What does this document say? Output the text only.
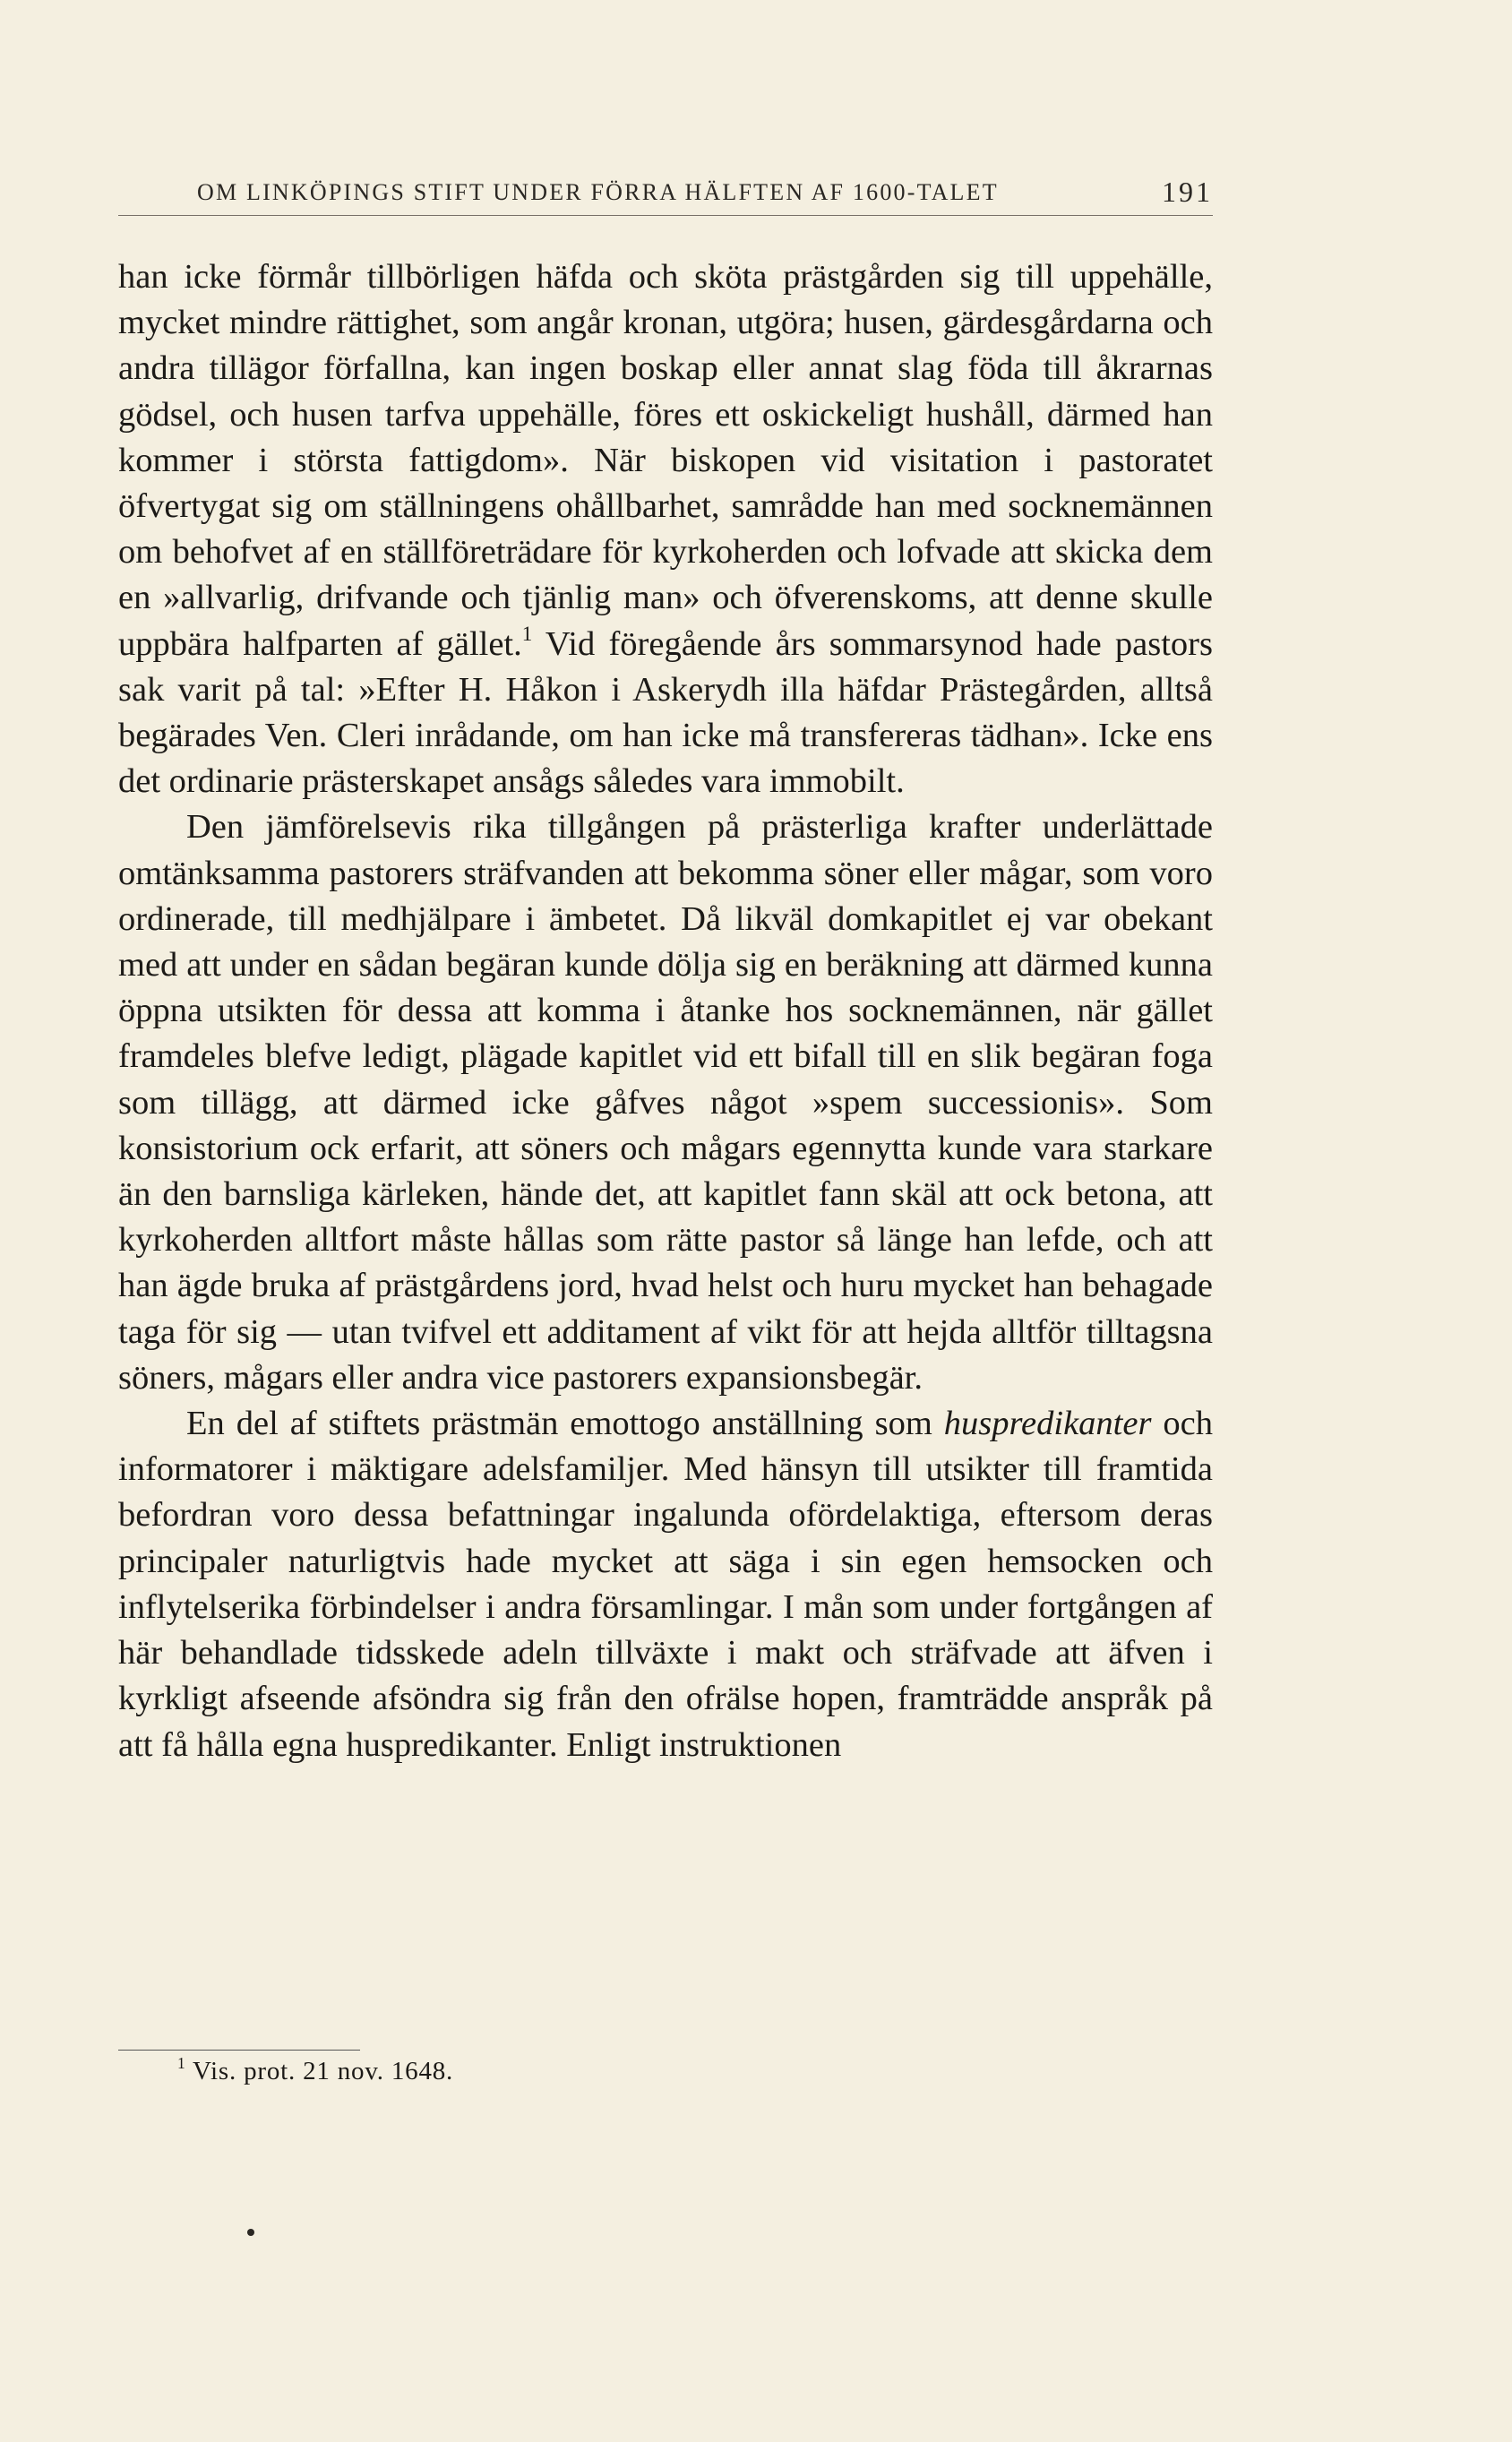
OM LINKÖPINGS STIFT UNDER FÖRRA HÄLFTEN AF 1600-TALET	191

han icke förmår tillbörligen häfda och sköta prästgården sig till uppehälle, mycket mindre rättighet, som angår kronan, utgöra; husen, gärdesgårdarna och andra tillägor förfallna, kan ingen boskap eller annat slag föda till åkrarnas gödsel, och husen tarfva uppehälle, föres ett oskickeligt hushåll, därmed han kommer i största fattigdom». När biskopen vid visitation i pastoratet öfvertygat sig om ställningens ohållbarhet, samrådde han med socknemännen om behofvet af en ställföreträdare för kyrkoherden och lofvade att skicka dem en »allvarlig, drifvande och tjänlig man» och öfverenskoms, att denne skulle uppbära halfparten af gället.$^1$ Vid föregående års sommarsynod hade pastors sak varit på tal: »Efter H. Håkon i Askerydh illa häfdar Prästegården, alltså begärades Ven. Cleri inrådande, om han icke må transfereras tädhan». Icke ens det ordinarie prästerskapet ansågs således vara immobilt.

Den jämförelsevis rika tillgången på prästerliga krafter underlättade omtänksamma pastorers sträfvanden att bekomma söner eller mågar, som voro ordinerade, till medhjälpare i ämbetet. Då likväl domkapitlet ej var obekant med att under en sådan begäran kunde dölja sig en beräkning att därmed kunna öppna utsikten för dessa att komma i åtanke hos socknemännen, när gället framdeles blefve ledigt, plägade kapitlet vid ett bifall till en slik begäran foga som tillägg, att därmed icke gåfves något »spem successionis». Som konsistorium ock erfarit, att söners och mågars egennytta kunde vara starkare än den barnsliga kärleken, hände det, att kapitlet fann skäl att ock betona, att kyrkoherden alltfort måste hållas som rätte pastor så länge han lefde, och att han ägde bruka af prästgårdens jord, hvad helst och huru mycket han behagade taga för sig — utan tvifvel ett additament af vikt för att hejda alltför tilltagsna söners, mågars eller andra vice pastorers expansionsbegär.

En del af stiftets prästmän emottogo anställning som huspredikanter och informatorer i mäktigare adelsfamiljer. Med hänsyn till utsikter till framtida befordran voro dessa befattningar ingalunda ofördelaktiga, eftersom deras principaler naturligtvis hade mycket att säga i sin egen hemsocken och inflytelserika förbindelser i andra församlingar. I mån som under fortgången af här behandlade tidsskede adeln tillväxte i makt och sträfvade att äfven i kyrkligt afseende afsöndra sig från den ofrälse hopen, framträdde anspråk på att få hålla egna huspredikanter. Enligt instruktionen

$^1$ Vis. prot. 21 nov. 1648.
